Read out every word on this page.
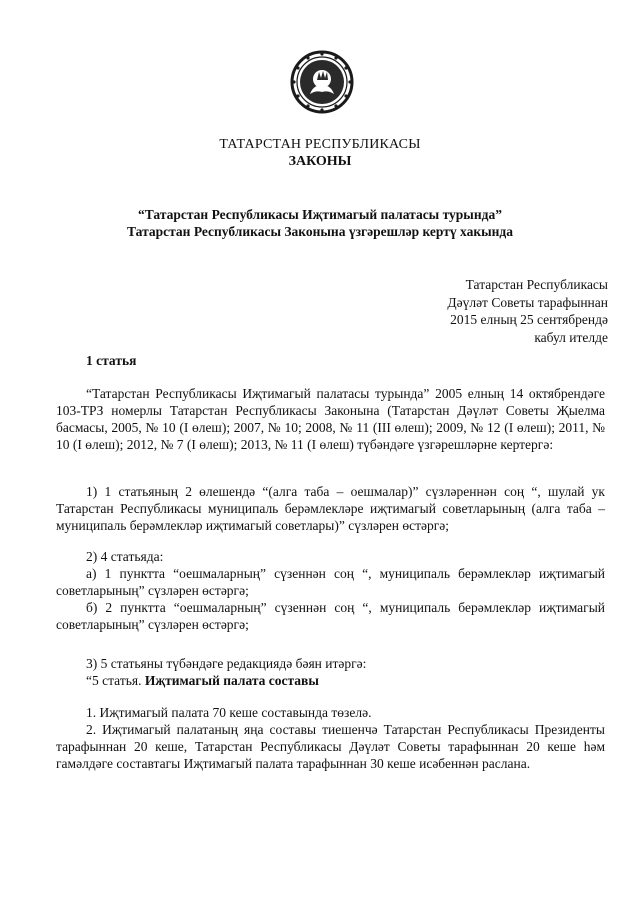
ТАТАРСТАН РЕСПУБЛИКАСЫ
ЗАКОНЫ
“Татарстан Республикасы Иҗтимагый палатасы турында”
Татарстан Республикасы Законына үзгәрешләр кертү хакында
Татарстан Республикасы
Дәүләт Советы тарафыннан
2015 елның 25 сентябрендә
кабул ителде

1 статья

“Татарстан Республикасы Иҗтимагый палатасы турында” 2005 елның 14 октябрендәге 103-ТРЗ номерлы Татарстан Республикасы Законына (Татарстан Дәүләт Советы Җыелма басмасы, 2005, № 10 (I өлеш); 2007, № 10; 2008, № 11 (III өлеш); 2009, № 12 (I өлеш); 2011, № 10 (I өлеш); 2012, № 7 (I өлеш); 2013, № 11 (I өлеш) түбәндәге үзгәрешләрне кертергә:

1) 1 статьяның 2 өлешендә “(алга таба – оешмалар)” сүзләреннән соң “, шулай ук Татарстан Республикасы муниципаль берәмлекләре иҗтимагый советларының (алга таба – муниципаль берәмлекләр иҗтимагый советлары)” сүзләрен өстәргә;

2) 4 статьяда:

а) 1 пунктта “оешмаларның” сүзеннән соң “, муниципаль берәмлекләр иҗтимагый советларының” сүзләрен өстәргә;

б) 2 пунктта “оешмаларның” сүзеннән соң “, муниципаль берәмлекләр иҗтимагый советларының” сүзләрен өстәргә;

3) 5 статьяны түбәндәге редакциядә бәян итәргә:

“5 статья. Иҗтимагый палата составы

1. Иҗтимагый палата 70 кеше составында төзелә.

2. Иҗтимагый палатаның яңа составы тиешенчә Татарстан Республикасы Президенты тарафыннан 20 кеше, Татарстан Республикасы Дәүләт Советы тарафыннан 20 кеше һәм гамәлдәге составтагы Иҗтимагый палата тарафыннан 30 кеше исәбеннән раслана.
